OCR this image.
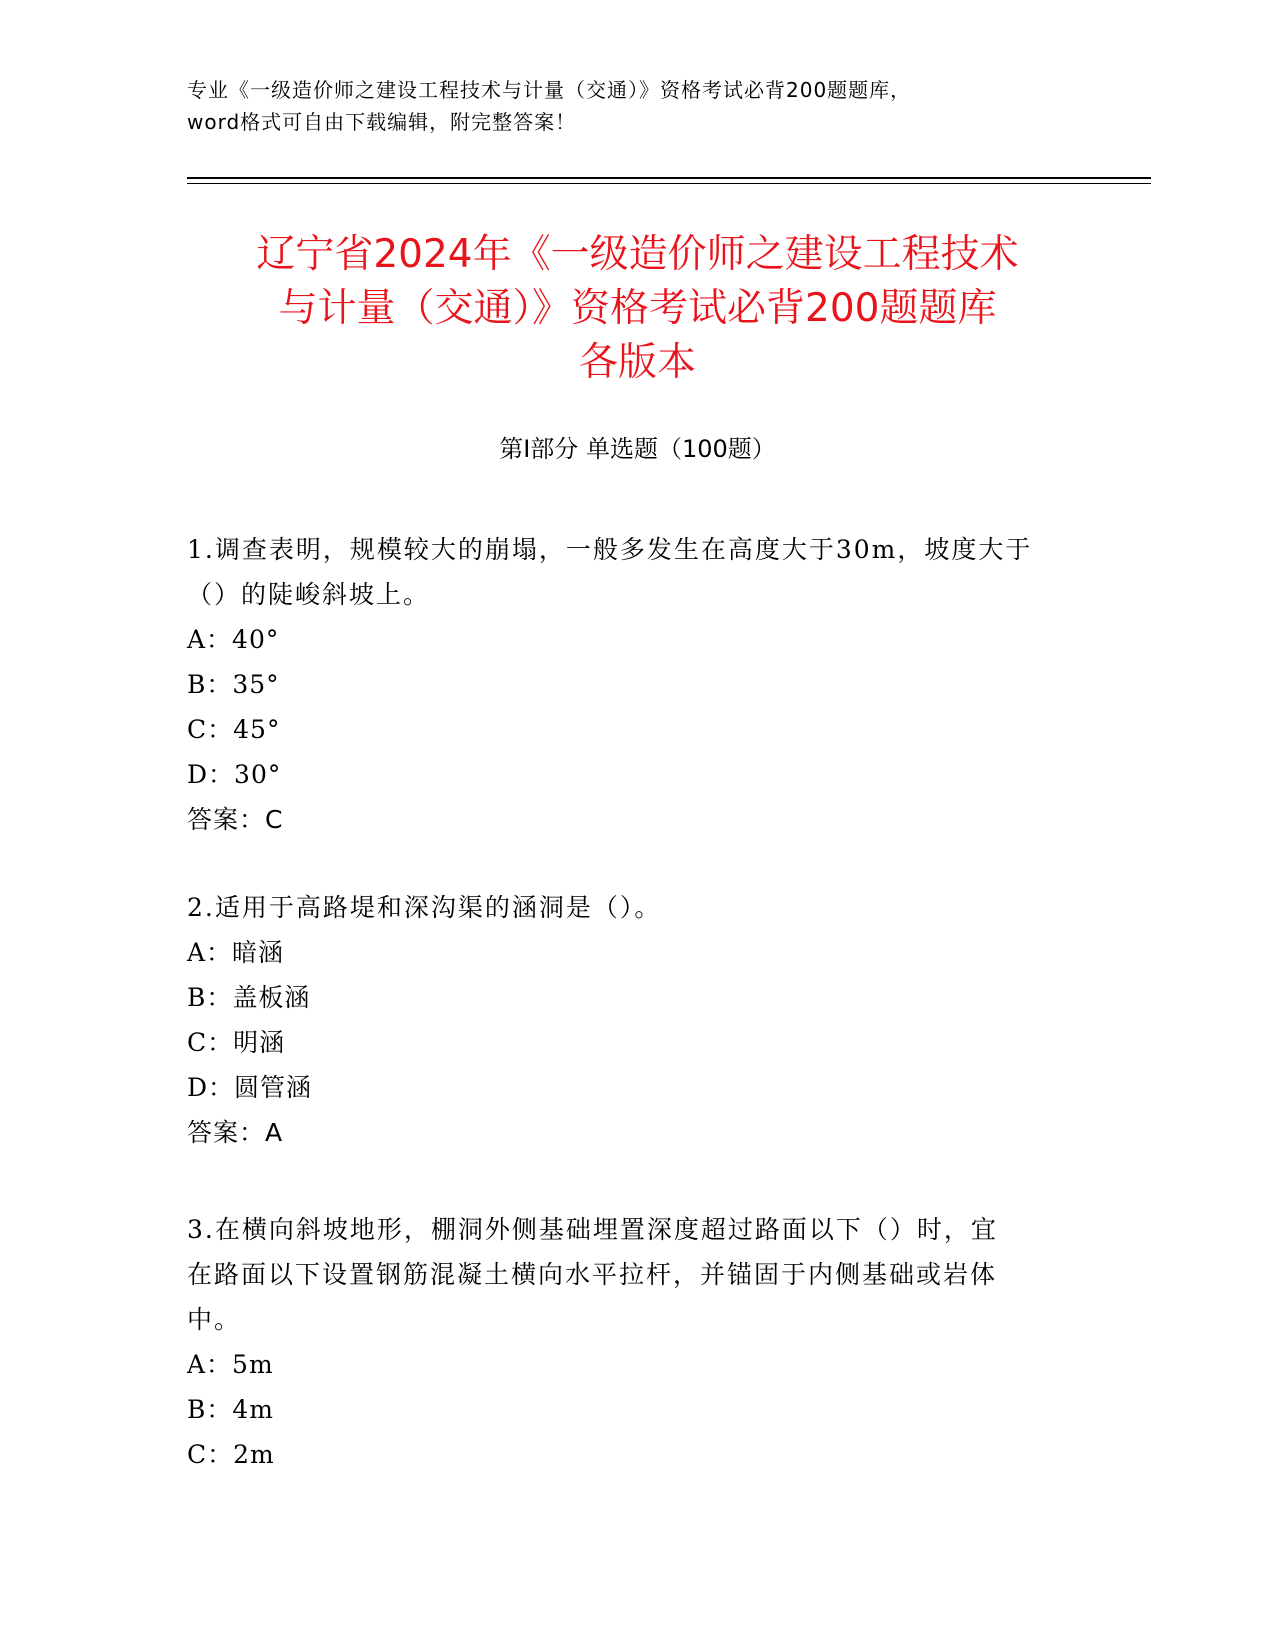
专业《一级造价师之建设工程技术与计量（交通）》资格考试必背200题题库，
word格式可自由下载编辑，附完整答案！
辽宁省2024年《一级造价师之建设工程技术
与计量（交通）》资格考试必背200题题库
各版本
第I部分 单选题（100题）
1.调查表明，规模较大的崩塌，一般多发生在高度大于30m，坡度大于
（）的陡峻斜坡上。
A：40°
B：35°
C：45°
D：30°
答案：C
2.适用于高路堤和深沟渠的涵洞是（）。
A：暗涵
B：盖板涵
C：明涵
D：圆管涵
答案：A
3.在横向斜坡地形，棚洞外侧基础埋置深度超过路面以下（）时，宜
在路面以下设置钢筋混凝土横向水平拉杆，并锚固于内侧基础或岩体
中。
A：5m
B：4m
C：2m
